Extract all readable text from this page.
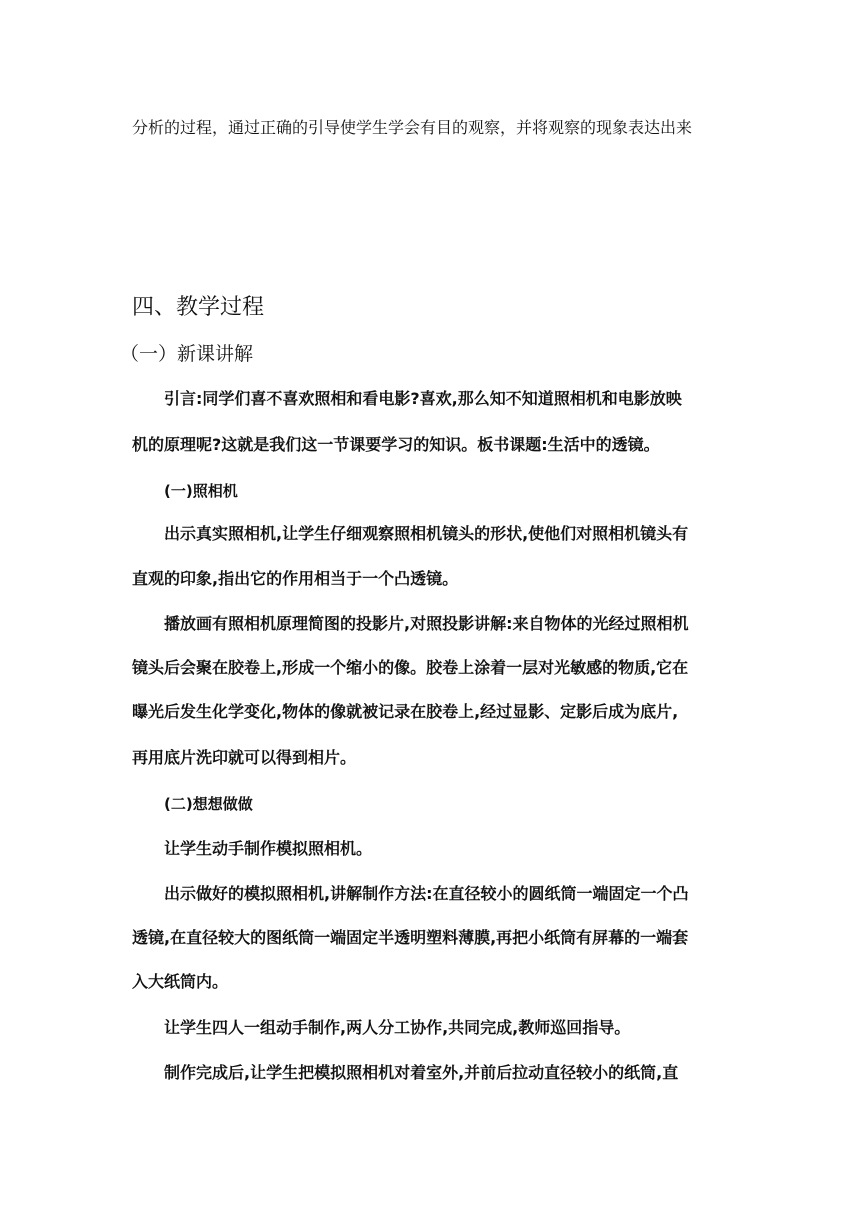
分析的过程，通过正确的引导使学生学会有目的观察，并将观察的现象表达出来
四、教学过程
（一）新课讲解
引言:同学们喜不喜欢照相和看电影?喜欢,那么知不知道照相机和电影放映
机的原理呢?这就是我们这一节课要学习的知识。板书课题:生活中的透镜。
(一)照相机
出示真实照相机,让学生仔细观察照相机镜头的形状,使他们对照相机镜头有
直观的印象,指出它的作用相当于一个凸透镜。
播放画有照相机原理简图的投影片,对照投影讲解:来自物体的光经过照相机
镜头后会聚在胶卷上,形成一个缩小的像。胶卷上涂着一层对光敏感的物质,它在
曝光后发生化学变化,物体的像就被记录在胶卷上,经过显影、定影后成为底片,
再用底片洗印就可以得到相片。
(二)想想做做
让学生动手制作模拟照相机。
出示做好的模拟照相机,讲解制作方法:在直径较小的圆纸筒一端固定一个凸
透镜,在直径较大的图纸筒一端固定半透明塑料薄膜,再把小纸筒有屏幕的一端套
入大纸筒内。
让学生四人一组动手制作,两人分工协作,共同完成,教师巡回指导。
制作完成后,让学生把模拟照相机对着室外,并前后拉动直径较小的纸筒,直
